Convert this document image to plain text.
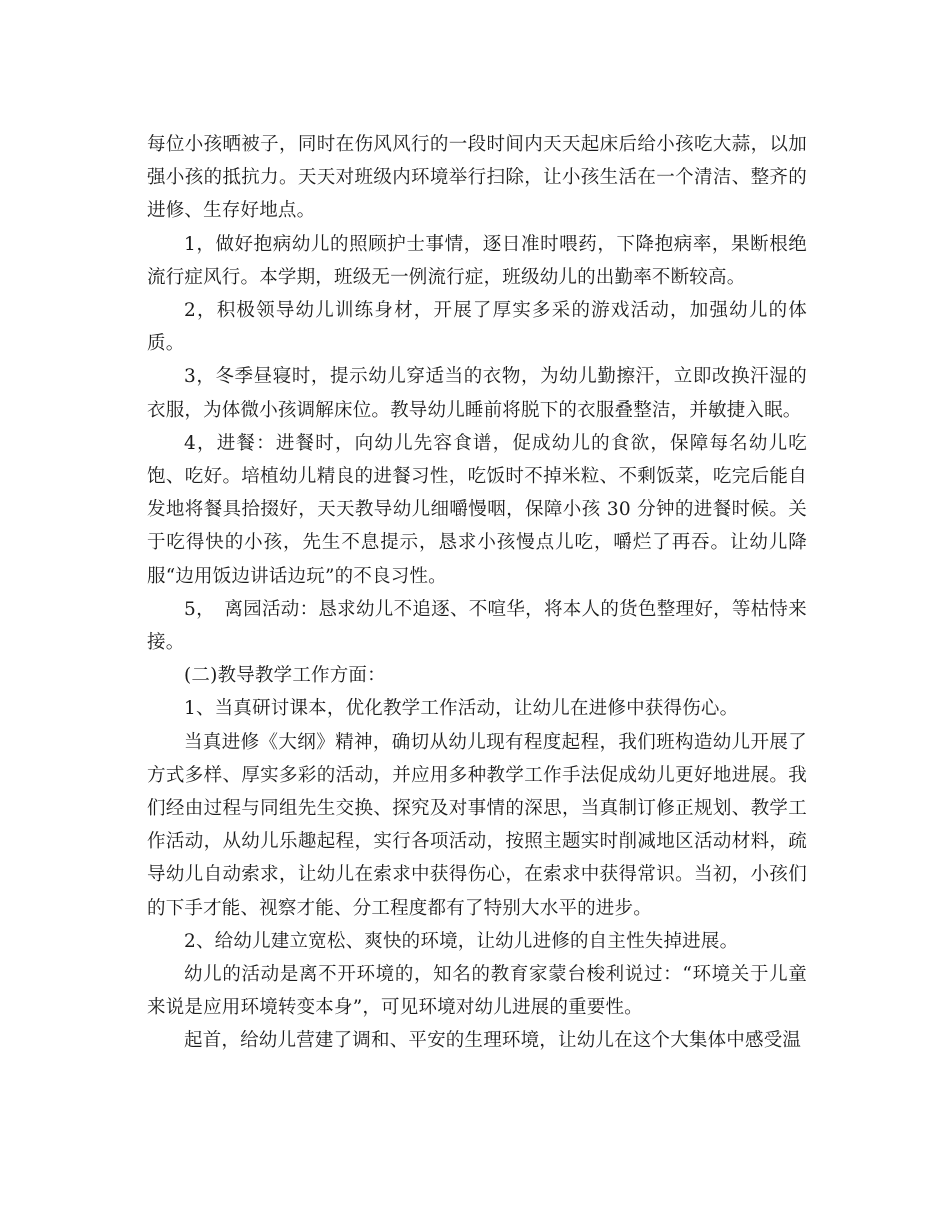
每位小孩晒被子，同时在伤风风行的一段时间内天天起床后给小孩吃大蒜，以加强小孩的抵抗力。天天对班级内环境举行扫除，让小孩生活在一个清洁、整齐的进修、生存好地点。

1，做好抱病幼儿的照顾护士事情，逐日准时喂药，下降抱病率，果断根绝流行症风行。本学期，班级无一例流行症，班级幼儿的出勤率不断较高。

2，积极领导幼儿训练身材，开展了厚实多采的游戏活动，加强幼儿的体质。

3，冬季昼寝时，提示幼儿穿适当的衣物，为幼儿勤擦汗，立即改换汗湿的衣服，为体微小孩调解床位。教导幼儿睡前将脱下的衣服叠整洁，并敏捷入眠。

4，进餐：进餐时，向幼儿先容食谱，促成幼儿的食欲，保障每名幼儿吃饱、吃好。培植幼儿精良的进餐习性，吃饭时不掉米粒、不剩饭菜，吃完后能自发地将餐具拾掇好，天天教导幼儿细嚼慢咽，保障小孩 30 分钟的进餐时候。关于吃得快的小孩，先生不息提示，恳求小孩慢点儿吃，嚼烂了再吞。让幼儿降服“边用饭边讲话边玩”的不良习性。

5，　离园活动：恳求幼儿不追逐、不喧华，将本人的货色整理好，等枯恃来接。

(二)教导教学工作方面：

1、当真研讨课本，优化教学工作活动，让幼儿在进修中获得伤心。

当真进修《大纲》精神，确切从幼儿现有程度起程，我们班构造幼儿开展了方式多样、厚实多彩的活动，并应用多种教学工作手法促成幼儿更好地进展。我们经由过程与同组先生交换、探究及对事情的深思，当真制订修正规划、教学工作活动，从幼儿乐趣起程，实行各项活动，按照主题实时削减地区活动材料，疏导幼儿自动索求，让幼儿在索求中获得伤心，在索求中获得常识。当初，小孩们的下手才能、视察才能、分工程度都有了特别大水平的进步。

2、给幼儿建立宽松、爽快的环境，让幼儿进修的自主性失掉进展。

幼儿的活动是离不开环境的，知名的教育家蒙台梭利说过：“环境关于儿童来说是应用环境转变本身”，可见环境对幼儿进展的重要性。

起首，给幼儿营建了调和、平安的生理环境，让幼儿在这个大集体中感受温
